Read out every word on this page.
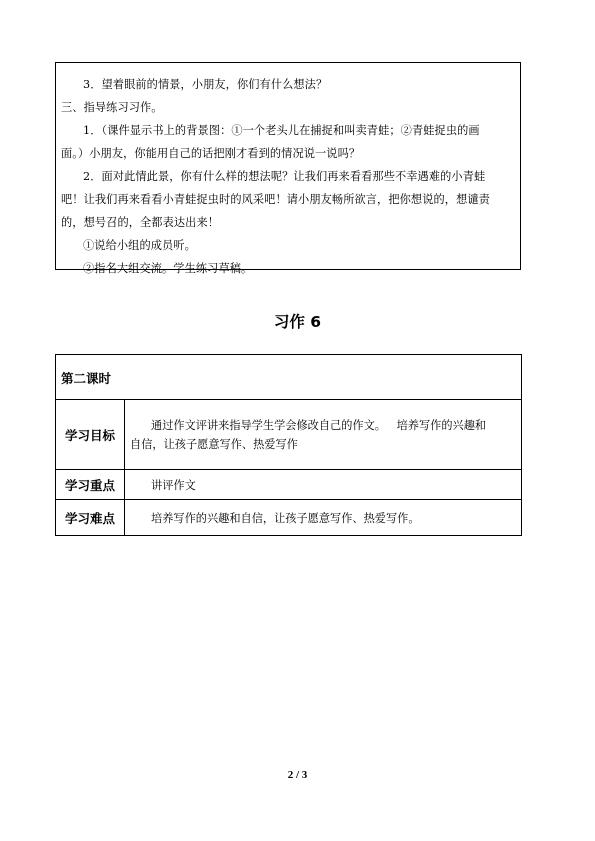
3．望着眼前的情景，小朋友，你们有什么想法？
三、指导练习习作。
1．（课件显示书上的背景图：①一个老头儿在捕捉和叫卖青蛙；②青蛙捉虫的画
面。）小朋友，你能用自己的话把刚才看到的情况说一说吗？
2．面对此情此景，你有什么样的想法呢？让我们再来看看那些不幸遇难的小青蛙
吧！让我们再来看看小青蛙捉虫时的风采吧！请小朋友畅所欲言，把你想说的，想谴责
的，想号召的，全都表达出来！
①说给小组的成员听。
②指名大组交流。学生练习草稿。
习作 6
第二课时	
学习目标	通过作文评讲来指导学生学会修改自己的作文。   培养写作的兴趣和
自信，让孩子愿意写作、热爱写作

学习重点	讲评作文
学习难点	培养写作的兴趣和自信，让孩子愿意写作、热爱写作。
2 / 3
